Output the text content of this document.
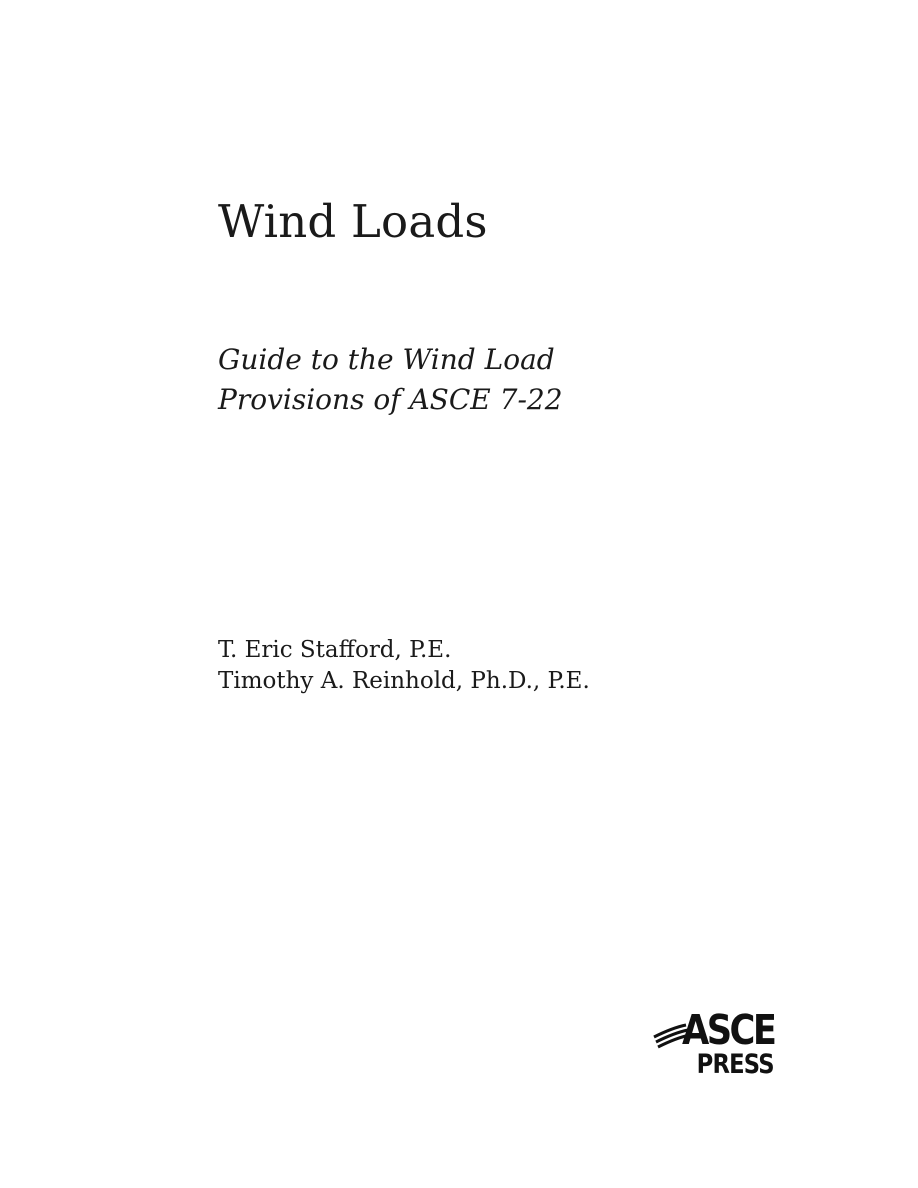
Wind Loads
Guide to the Wind Load
Provisions of ASCE 7-22

T. Eric Stafford, P.E.
Timothy A. Reinhold, Ph.D., P.E.

ASCE
PRESS
